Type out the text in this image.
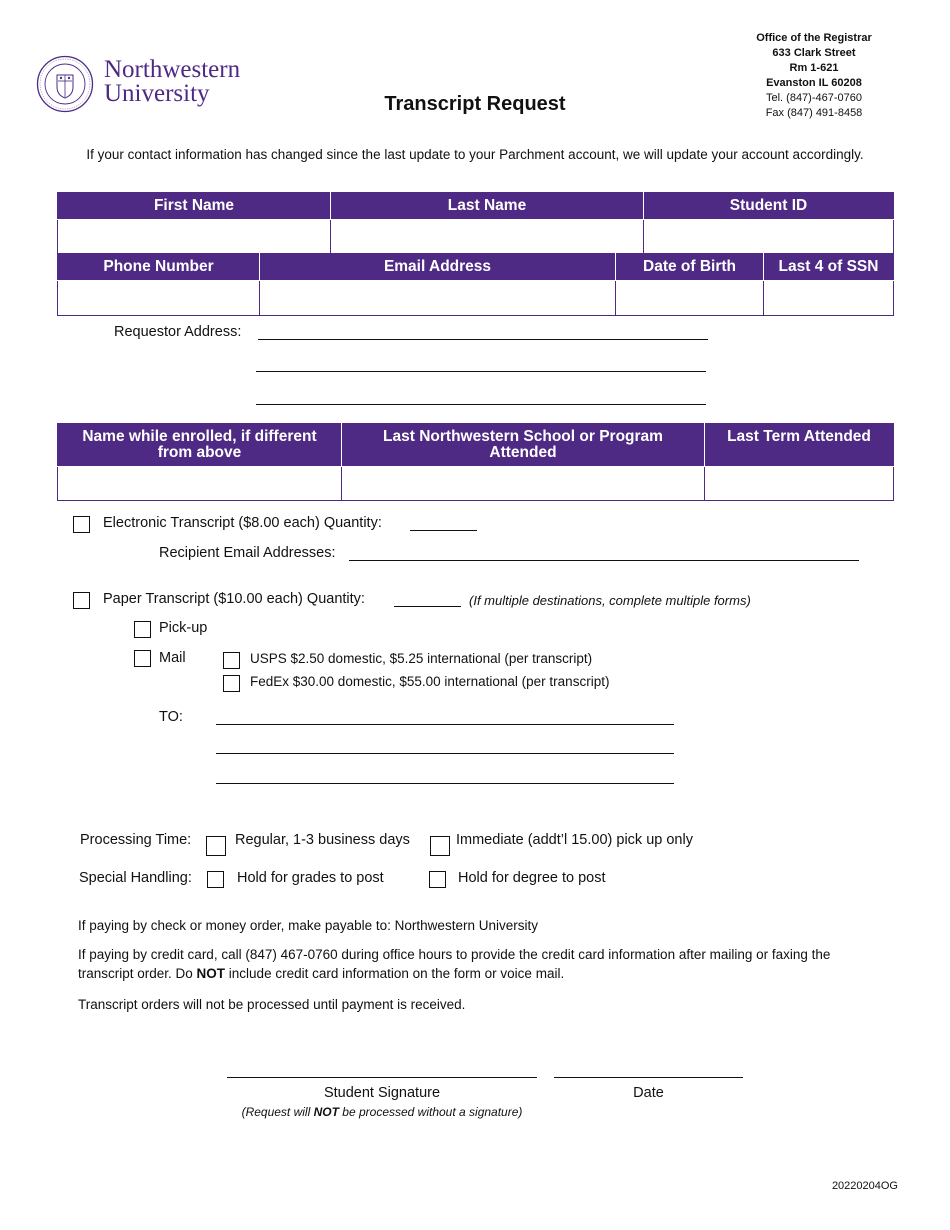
Northwestern
University
Office of the Registrar
633 Clark Street
Rm 1-621
Evanston IL 60208
Tel. (847)-467-0760
Fax (847) 491-8458
Transcript Request
If your contact information has changed since the last update to your Parchment account, we will update your account accordingly.
First Name	Last Name	Student ID

Phone Number	Email Address	Date of Birth	Last 4 of SSN

Requestor Address:
Name while enrolled, if different from above	Last Northwestern School or Program Attended	Last Term Attended

Electronic Transcript ($8.00 each) Quantity:
Recipient Email Addresses:
Paper Transcript ($10.00 each) Quantity:	(If multiple destinations, complete multiple forms)
Pick-up
Mail	USPS $2.50 domestic, $5.25 international (per transcript)
FedEx $30.00 domestic, $55.00 international (per transcript)
TO:
Processing Time:	Regular, 1-3 business days	Immediate (addt’l 15.00) pick up only
Special Handling:	Hold for grades to post	Hold for degree to post
If paying by check or money order, make payable to: Northwestern University
If paying by credit card, call (847) 467-0760 during office hours to provide the credit card information after mailing or faxing the transcript order. Do NOT include credit card information on the form or voice mail.
Transcript orders will not be processed until payment is received.
Student Signature
(Request will NOT be processed without a signature)
Date
20220204OG
